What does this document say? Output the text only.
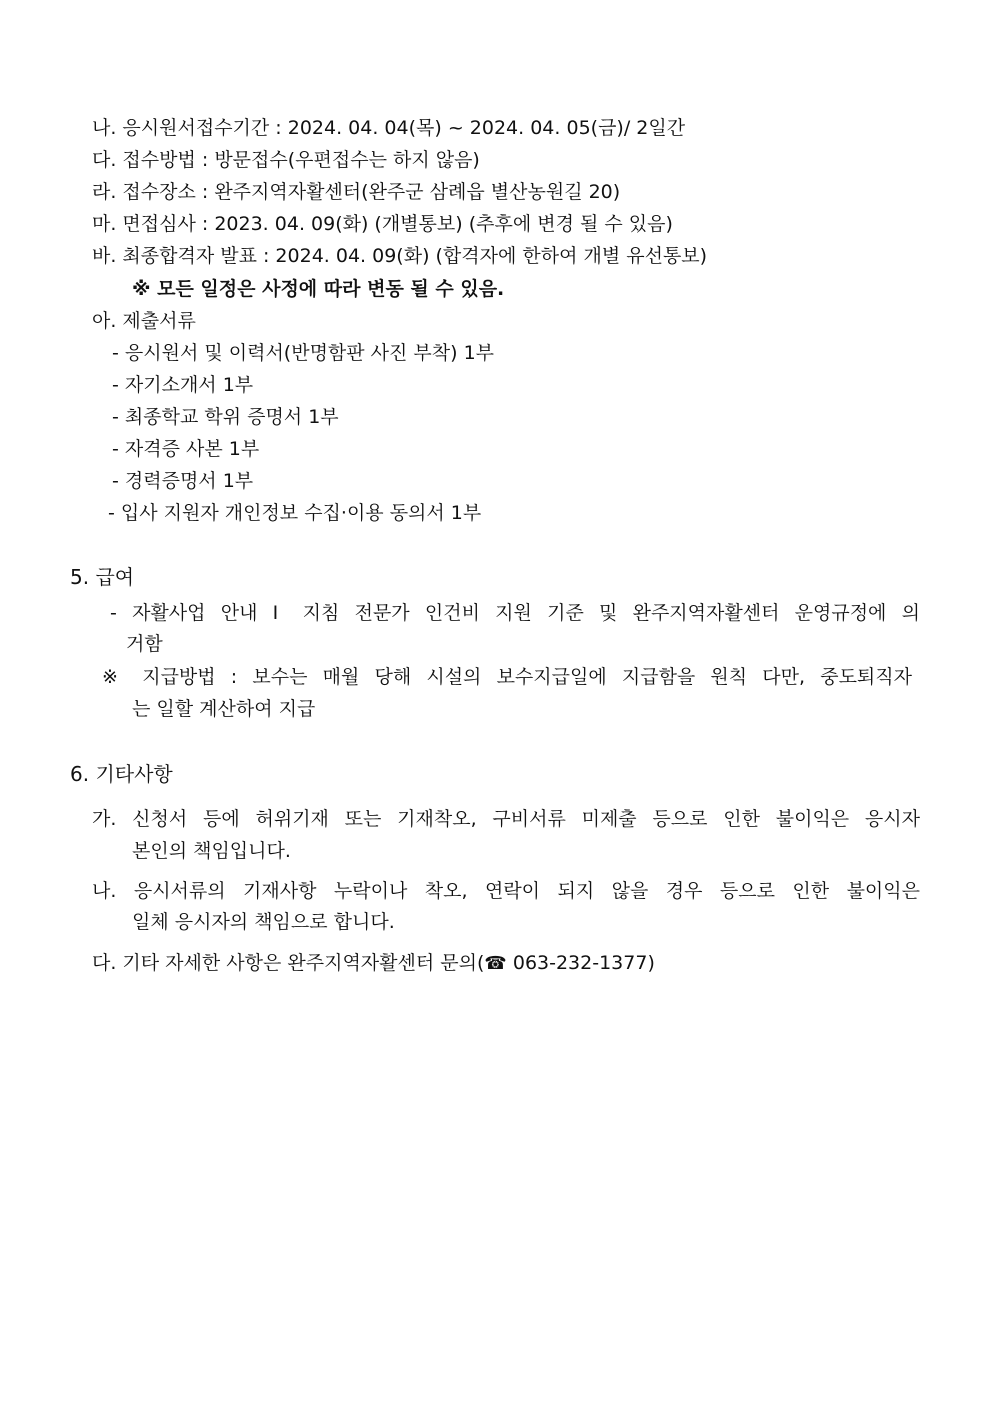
나. 응시원서접수기간 : 2024. 04. 04(목) ~ 2024. 04. 05(금)/ 2일간
다. 접수방법 : 방문접수(우편접수는 하지 않음)
라. 접수장소 : 완주지역자활센터(완주군 삼례읍 별산농원길 20)
마. 면접심사 : 2023. 04. 09(화) (개별통보) (추후에 변경 될 수 있음)
바. 최종합격자 발표 : 2024. 04. 09(화) (합격자에 한하여 개별 유선통보)
※ 모든 일정은 사정에 따라 변동 될 수 있음.
아. 제출서류
- 응시원서 및 이력서(반명함판 사진 부착) 1부
- 자기소개서 1부
- 최종학교 학위 증명서 1부
- 자격증 사본 1부
- 경력증명서 1부
- 입사 지원자 개인정보 수집·이용 동의서 1부
5. 급여
- 자활사업 안내 Ⅰ 지침 전문가 인건비 지원 기준 및 완주지역자활센터 운영규정에 의
거함
※ 지급방법 : 보수는 매월 당해 시설의 보수지급일에 지급함을 원칙 다만, 중도퇴직자
는 일할 계산하여 지급
6. 기타사항
가. 신청서 등에 허위기재 또는 기재착오, 구비서류 미제출 등으로 인한 불이익은 응시자
본인의 책임입니다.
나. 응시서류의 기재사항 누락이나 착오, 연락이 되지 않을 경우 등으로 인한 불이익은
일체 응시자의 책임으로 합니다.
다. 기타 자세한 사항은 완주지역자활센터 문의(☎ 063-232-1377)
